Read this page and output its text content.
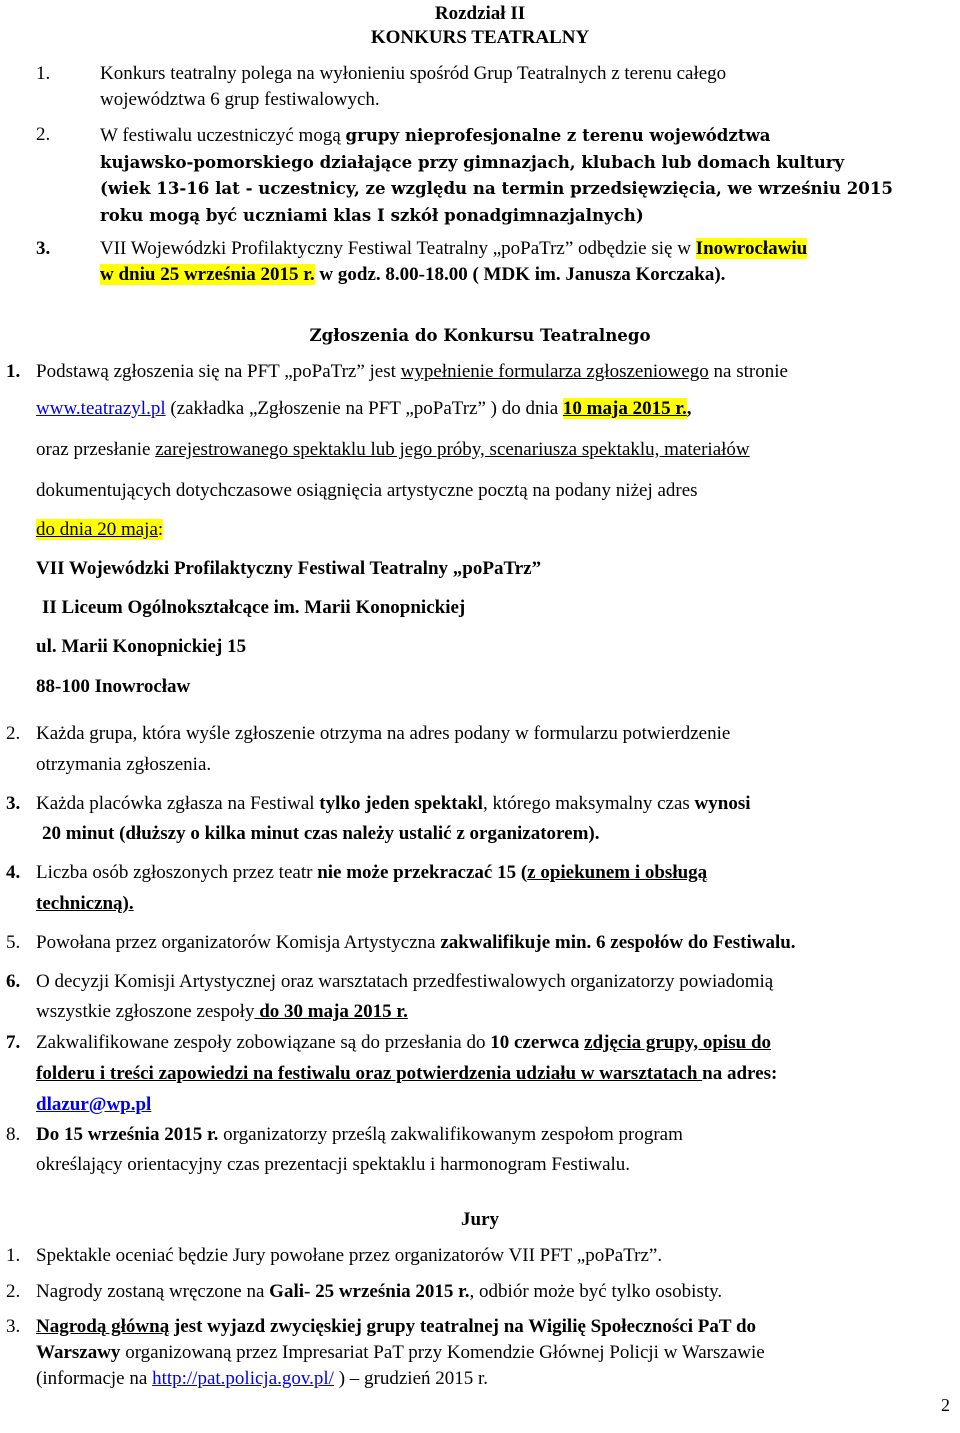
Rozdział II
KONKURS TEATRALNY
1.	Konkurs teatralny polega na wyłonieniu spośród Grup Teatralnych z terenu całego
województwa 6 grup festiwalowych.
2.	W festiwalu uczestniczyć mogą grupy nieprofesjonalne z terenu województwa
kujawsko-pomorskiego działające przy gimnazjach, klubach lub domach kultury
(wiek 13-16 lat - uczestnicy, ze względu na termin przedsięwzięcia, we wrześniu 2015
roku mogą być uczniami klas I szkół ponadgimnazjalnych)
3.	VII Wojewódzki Profilaktyczny Festiwal Teatralny „poPaTrz” odbędzie się w Inowrocławiu
w dniu 25 września 2015 r. w godz. 8.00-18.00 ( MDK im. Janusza Korczaka).
Zgłoszenia do Konkursu Teatralnego
1. Podstawą zgłoszenia się na PFT „poPaTrz” jest wypełnienie formularza zgłoszeniowego na stronie
www.teatrazyl.pl (zakładka „Zgłoszenie na PFT „poPaTrz” ) do dnia 10 maja 2015 r.,
oraz przesłanie zarejestrowanego spektaklu lub jego próby, scenariusza spektaklu, materiałów
dokumentujących dotychczasowe osiągnięcia artystyczne pocztą na podany niżej adres
do dnia 20 maja:
VII Wojewódzki Profilaktyczny Festiwal Teatralny „poPaTrz”
II Liceum Ogólnokształcące im. Marii Konopnickiej
ul. Marii Konopnickiej 15
88-100 Inowrocław
2. Każda grupa, która wyśle zgłoszenie otrzyma na adres podany w formularzu potwierdzenie
otrzymania zgłoszenia.
3. Każda placówka zgłasza na Festiwal tylko jeden spektakl, którego maksymalny czas wynosi
20 minut (dłuższy o kilka minut czas należy ustalić z organizatorem).
4. Liczba osób zgłoszonych przez teatr nie może przekraczać 15 (z opiekunem i obsługą
techniczną).
5. Powołana przez organizatorów Komisja Artystyczna zakwalifikuje min. 6 zespołów do Festiwalu.
6. O decyzji Komisji Artystycznej oraz warsztatach przedfestiwalowych organizatorzy powiadomią
wszystkie zgłoszone zespoły do 30 maja 2015 r.
7. Zakwalifikowane zespoły zobowiązane są do przesłania do 10 czerwca zdjęcia grupy, opisu do
folderu i treści zapowiedzi na festiwalu oraz potwierdzenia udziału w warsztatach na adres:
dlazur@wp.pl
8. Do 15 września 2015 r. organizatorzy prześlą zakwalifikowanym zespołom program
określający orientacyjny czas prezentacji spektaklu i harmonogram Festiwalu.
Jury
1. Spektakle oceniać będzie Jury powołane przez organizatorów VII PFT „poPaTrz”.
2. Nagrody zostaną wręczone na Gali- 25 września 2015 r., odbiór może być tylko osobisty.
3. Nagrodą główną jest wyjazd zwycięskiej grupy teatralnej na Wigilię Społeczności PaT do
Warszawy organizowaną przez Impresariat PaT przy Komendzie Głównej Policji w Warszawie
(informacje na http://pat.policja.gov.pl/ ) – grudzień 2015 r.
2
